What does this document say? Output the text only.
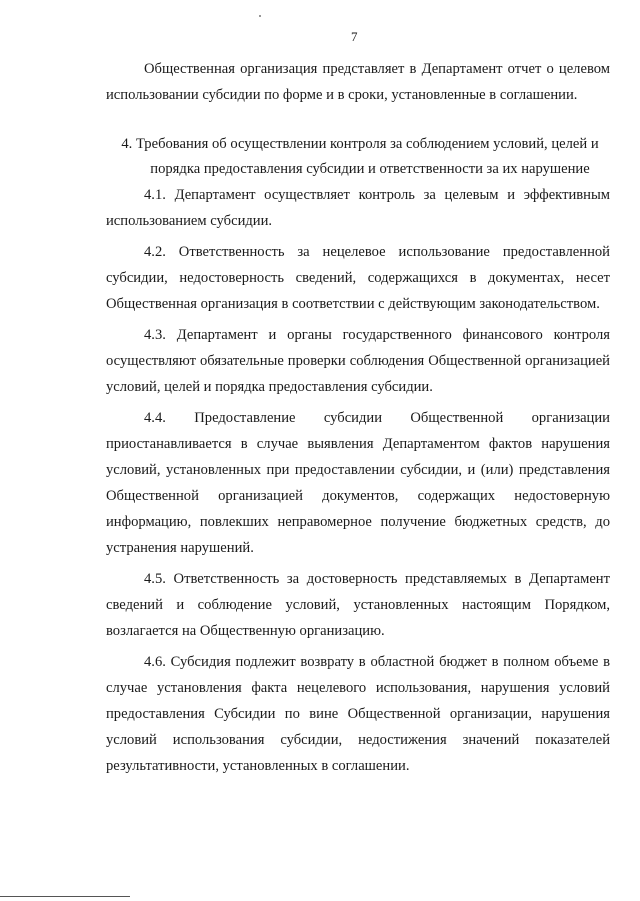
7

Общественная организация представляет в Департамент отчет о целевом использовании субсидии по форме и в сроки, установленные в соглашении.

4. Требования об осуществлении контроля за соблюдением условий, целей и
порядка предоставления субсидии и ответственности за их нарушение

4.1. Департамент осуществляет контроль за целевым и эффективным использованием субсидии.

4.2. Ответственность за нецелевое использование предоставленной субсидии, недостоверность сведений, содержащихся в документах, несет Общественная организация в соответствии с действующим законодательством.

4.3. Департамент и органы государственного финансового контроля осуществляют обязательные проверки соблюдения Общественной организацией условий, целей и порядка предоставления субсидии.

4.4. Предоставление субсидии Общественной организации приостанавливается в случае выявления Департаментом фактов нарушения условий, установленных при предоставлении субсидии, и (или) представления Общественной организацией документов, содержащих недостоверную информацию, повлекших неправомерное получение бюджетных средств, до устранения нарушений.

4.5. Ответственность за достоверность представляемых в Департамент сведений и соблюдение условий, установленных настоящим Порядком, возлагается на Общественную организацию.

4.6. Субсидия подлежит возврату в областной бюджет в полном объеме в случае установления факта нецелевого использования, нарушения условий предоставления Субсидии по вине Общественной организации, нарушения условий использования субсидии, недостижения значений показателей результативности, установленных в соглашении.
